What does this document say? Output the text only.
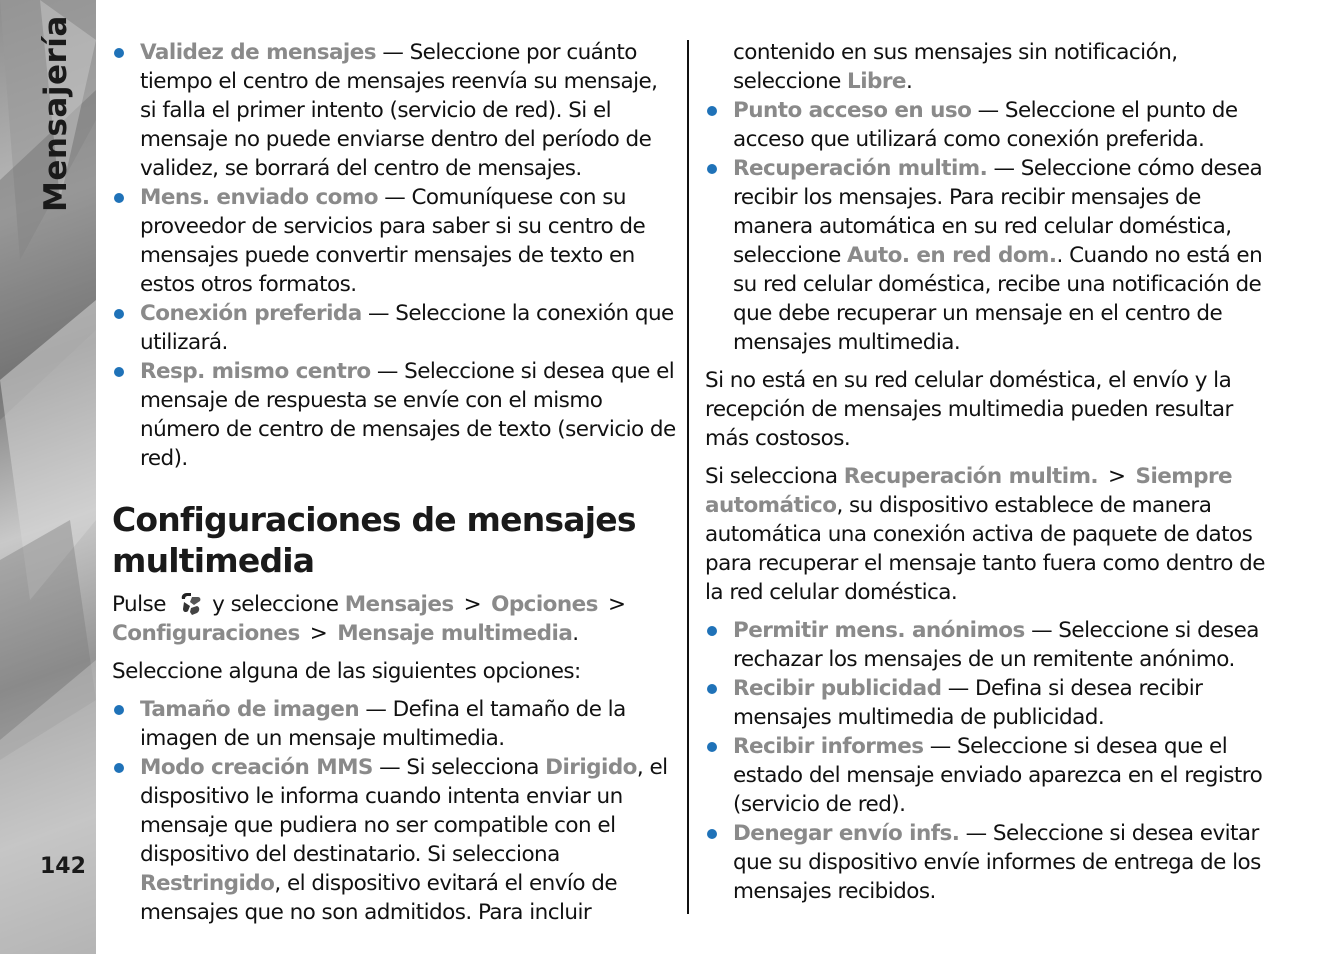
Mensajería
142
Validez de mensajes — Seleccione por cuánto tiempo el centro de mensajes reenvía su mensaje, si falla el primer intento (servicio de red). Si el mensaje no puede enviarse dentro del período de validez, se borrará del centro de mensajes.
Mens. enviado como — Comuníquese con su proveedor de servicios para saber si su centro de mensajes puede convertir mensajes de texto en estos otros formatos.
Conexión preferida — Seleccione la conexión que utilizará.
Resp. mismo centro — Seleccione si desea que el mensaje de respuesta se envíe con el mismo número de centro de mensajes de texto (servicio de red).
Configuraciones de mensajes multimedia

Pulse y seleccione Mensajes > Opciones >Configuraciones > Mensaje multimedia.

Seleccione alguna de las siguientes opciones:

Tamaño de imagen — Defina el tamaño de la imagen de un mensaje multimedia.
Modo creación MMS — Si selecciona Dirigido, el dispositivo le informa cuando intenta enviar un mensaje que pudiera no ser compatible con el dispositivo del destinatario. Si selecciona Restringido, el dispositivo evitará el envío de mensajes que no son admitidos. Para incluir

contenido en sus mensajes sin notificación, seleccione Libre.

Punto acceso en uso — Seleccione el punto de acceso que utilizará como conexión preferida.
Recuperación multim. — Seleccione cómo desea recibir los mensajes. Para recibir mensajes de manera automática en su red celular doméstica, seleccione Auto. en red dom.. Cuando no está en su red celular doméstica, recibe una notificación de que debe recuperar un mensaje en el centro de mensajes multimedia.

Si no está en su red celular doméstica, el envío y la recepción de mensajes multimedia pueden resultar más costosos.

Si selecciona Recuperación multim. > Siempre automático, su dispositivo establece de manera automática una conexión activa de paquete de datos para recuperar el mensaje tanto fuera como dentro de la red celular doméstica.

Permitir mens. anónimos — Seleccione si desea rechazar los mensajes de un remitente anónimo.
Recibir publicidad — Defina si desea recibir mensajes multimedia de publicidad.
Recibir informes — Seleccione si desea que el estado del mensaje enviado aparezca en el registro (servicio de red).
Denegar envío infs. — Seleccione si desea evitar que su dispositivo envíe informes de entrega de los mensajes recibidos.
